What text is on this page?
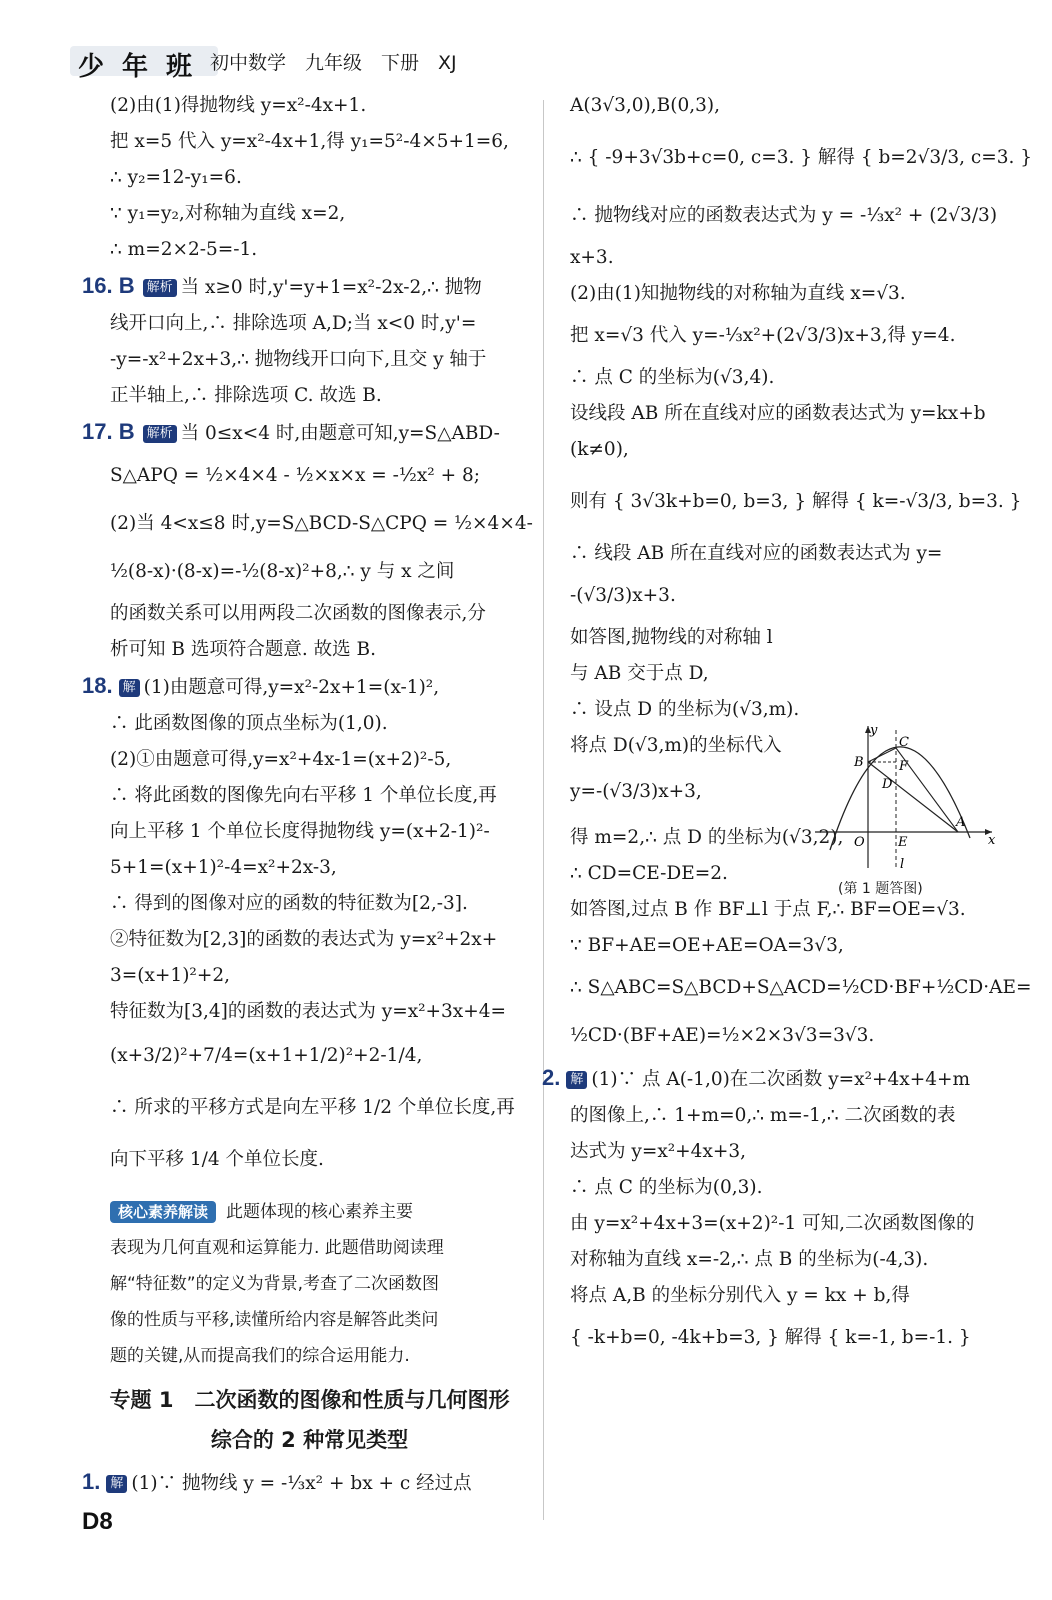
少 年 班 初中数学　九年级　下册　XJ
(2)由(1)得抛物线 y=x²-4x+1.
把 x=5 代入 y=x²-4x+1,得 y₁=5²-4×5+1=6,
∴ y₂=12-y₁=6.
∵ y₁=y₂,对称轴为直线 x=2,
∴ m=2×2-5=-1.
16. B 解析 当 x≥0 时,y'=y+1=x²-2x-2,∴ 抛物
线开口向上,∴ 排除选项 A,D;当 x<0 时,y'=
-y=-x²+2x+3,∴ 抛物线开口向下,且交 y 轴于
正半轴上,∴ 排除选项 C. 故选 B.
17. B 解析 当 0≤x<4 时,由题意可知,y=S△ABD-
S△APQ = ½×4×4 - ½×x×x = -½x² + 8;
(2)当 4<x≤8 时,y=S△BCD-S△CPQ = ½×4×4-
½(8-x)·(8-x)=-½(8-x)²+8,∴ y 与 x 之间
的函数关系可以用两段二次函数的图像表示,分
析可知 B 选项符合题意. 故选 B.
18. 解 (1)由题意可得,y=x²-2x+1=(x-1)²,
∴ 此函数图像的顶点坐标为(1,0).
(2)①由题意可得,y=x²+4x-1=(x+2)²-5,
∴ 将此函数的图像先向右平移 1 个单位长度,再
向上平移 1 个单位长度得抛物线 y=(x+2-1)²-
5+1=(x+1)²-4=x²+2x-3,
∴ 得到的图像对应的函数的特征数为[2,-3].
②特征数为[2,3]的函数的表达式为 y=x²+2x+
3=(x+1)²+2,
特征数为[3,4]的函数的表达式为 y=x²+3x+4=
(x+3/2)²+7/4=(x+1+1/2)²+2-1/4,
∴ 所求的平移方式是向左平移 1/2 个单位长度,再
向下平移 1/4 个单位长度.
核心素养解读 此题体现的核心素养主要
表现为几何直观和运算能力. 此题借助阅读理
解“特征数”的定义为背景,考查了二次函数图
像的性质与平移,读懂所给内容是解答此类问
题的关键,从而提高我们的综合运用能力.
专题 1　二次函数的图像和性质与几何图形
综合的 2 种常见类型
1. 解 (1)∵ 抛物线 y = -⅓x² + bx + c 经过点
A(3√3,0),B(0,3),
∴ { -9+3√3b+c=0, c=3. } 解得 { b=2√3/3, c=3. }
∴ 抛物线对应的函数表达式为 y = -⅓x² + (2√3/3)
x+3.
(2)由(1)知抛物线的对称轴为直线 x=√3.
把 x=√3 代入 y=-⅓x²+(2√3/3)x+3,得 y=4.
∴ 点 C 的坐标为(√3,4).
设线段 AB 所在直线对应的函数表达式为 y=kx+b
(k≠0),
则有 { 3√3k+b=0, b=3, } 解得 { k=-√3/3, b=3. }
∴ 线段 AB 所在直线对应的函数表达式为 y=
-(√3/3)x+3.
如答图,抛物线的对称轴 l
与 AB 交于点 D,
∴ 设点 D 的坐标为(√3,m).
将点 D(√3,m)的坐标代入
y=-(√3/3)x+3,
得 m=2,∴ 点 D 的坐标为(√3,2),
∴ CD=CE-DE=2.
如答图,过点 B 作 BF⊥l 于点 F,∴ BF=OE=√3.
∵ BF+AE=OE+AE=OA=3√3,
∴ S△ABC=S△BCD+S△ACD=½CD·BF+½CD·AE=
½CD·(BF+AE)=½×2×3√3=3√3.
2. 解 (1)∵ 点 A(-1,0)在二次函数 y=x²+4x+4+m
的图像上,∴ 1+m=0,∴ m=-1,∴ 二次函数的表
达式为 y=x²+4x+3,
∴ 点 C 的坐标为(0,3).
由 y=x²+4x+3=(x+2)²-1 可知,二次函数图像的
对称轴为直线 x=-2,∴ 点 B 的坐标为(-4,3).
将点 A,B 的坐标分别代入 y = kx + b,得
{ -k+b=0, -4k+b=3, } 解得 { k=-1, b=-1. }
y
C
B	F
D
O	E
A
x
l
(第 1 题答图)
D8
